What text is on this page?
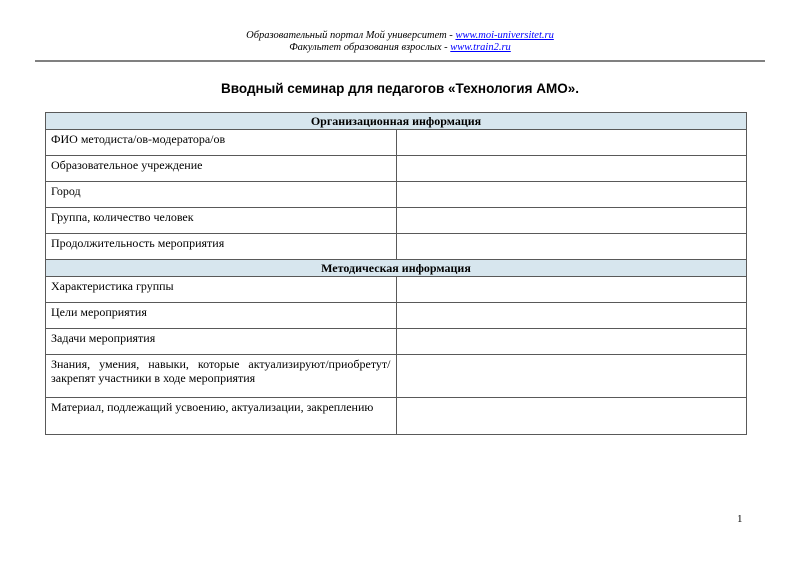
Образовательный портал Мой университет - www.moi-universitet.ru
Факультет образования взрослых - www.train2.ru
Вводный семинар для педагогов «Технология АМО».
Организационная информация	
ФИО методиста/ов-модератора/ов	
Образовательное учреждение	
Город	
Группа, количество человек	
Продолжительность мероприятия	
Методическая информация	
Характеристика группы	
Цели мероприятия	
Задачи мероприятия	
Знания, умения, навыки, которые актуализируют/приобретут/закрепят участники в ходе мероприятия	
Материал, подлежащий усвоению, актуализации, закреплению	
1
